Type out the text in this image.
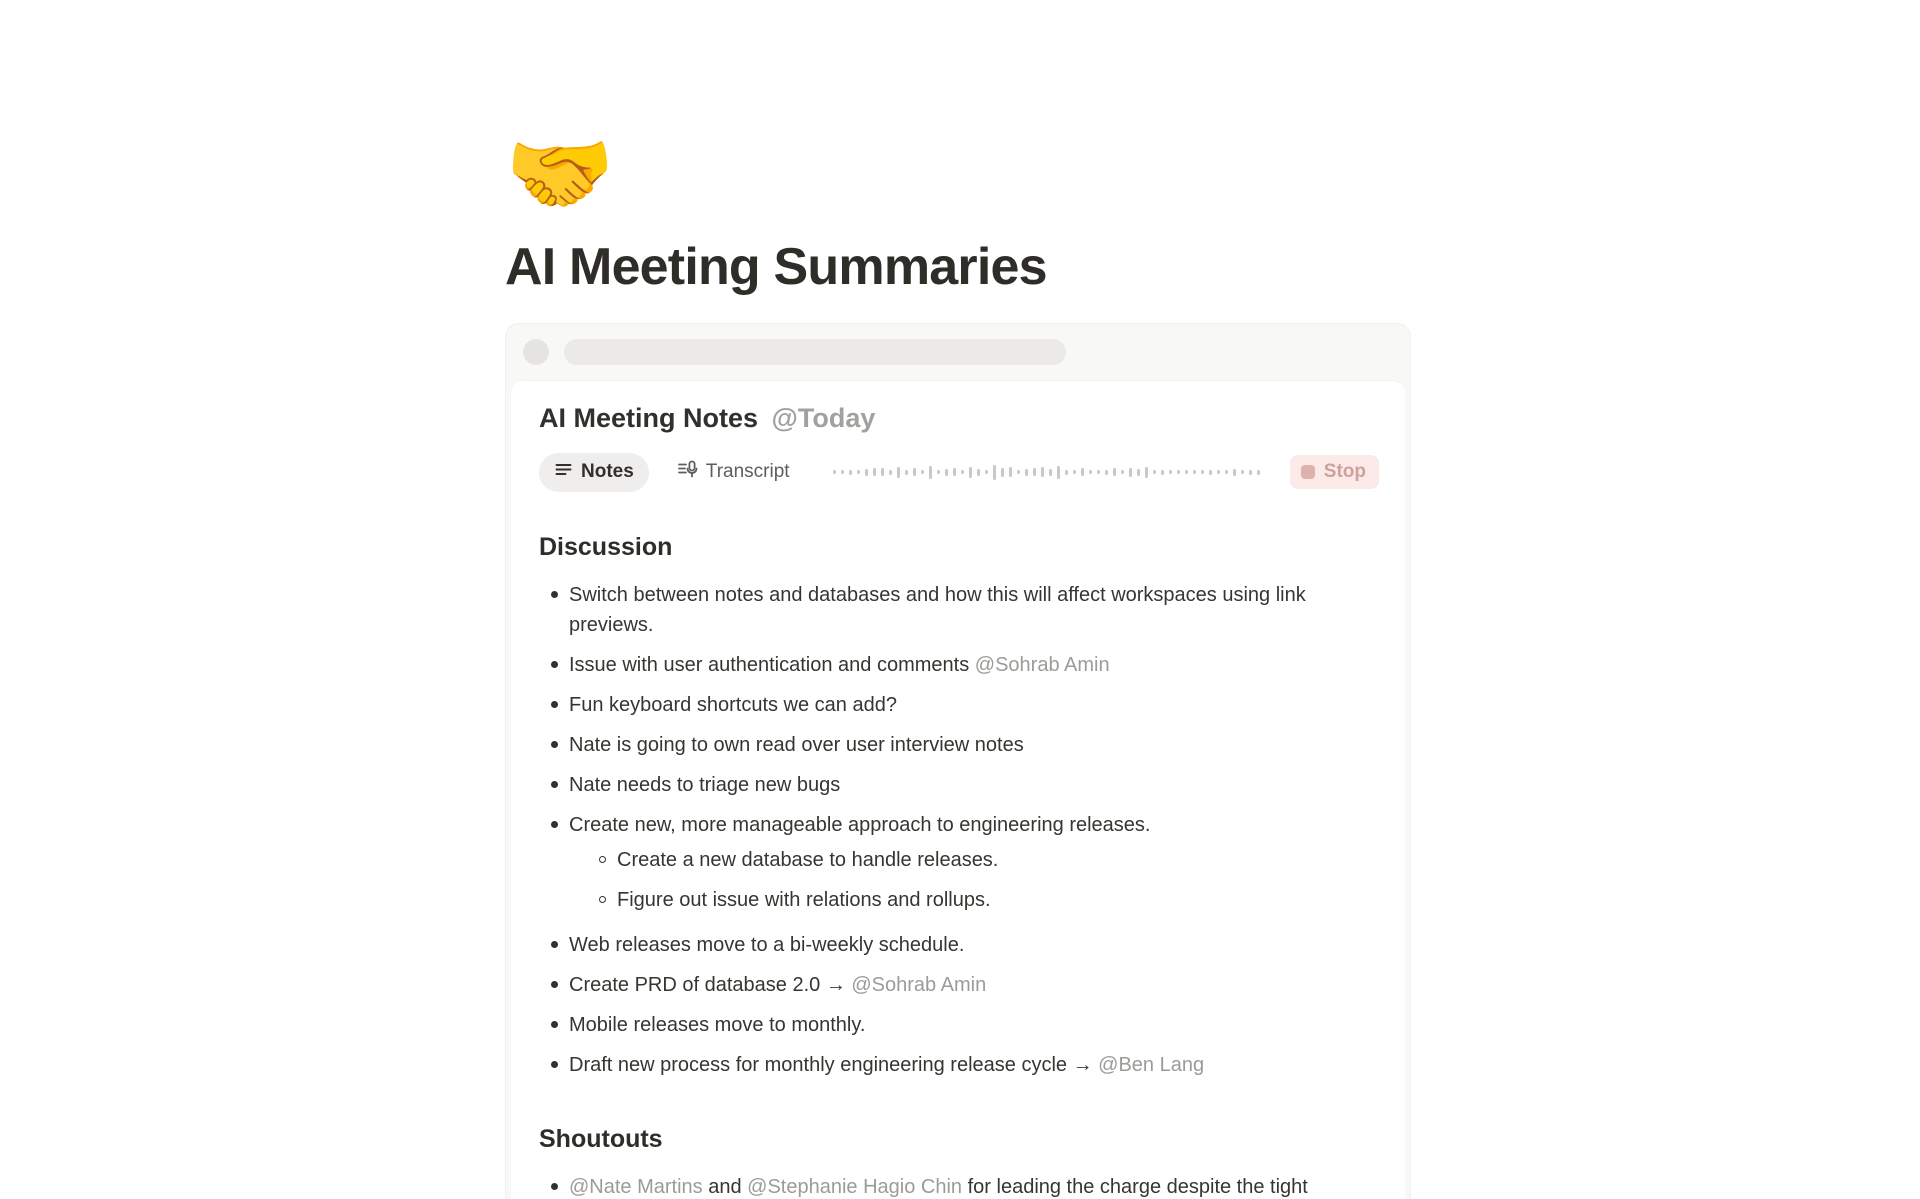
🤝
AI Meeting Summaries
AI Meeting Notes @Today
Notes	Transcript	Stop
Discussion
Switch between notes and databases and how this will affect workspaces using link previews.
Issue with user authentication and comments @Sohrab Amin
Fun keyboard shortcuts we can add?
Nate is going to own read over user interview notes
Nate needs to triage new bugs
Create new, more manageable approach to engineering releases.
Create a new database to handle releases.
Figure out issue with relations and rollups.
Web releases move to a bi-weekly schedule.
Create PRD of database 2.0 → @Sohrab Amin
Mobile releases move to monthly.
Draft new process for monthly engineering release cycle → @Ben Lang
Shoutouts
@Nate Martins and @Stephanie Hagio Chin for leading the charge despite the tight
